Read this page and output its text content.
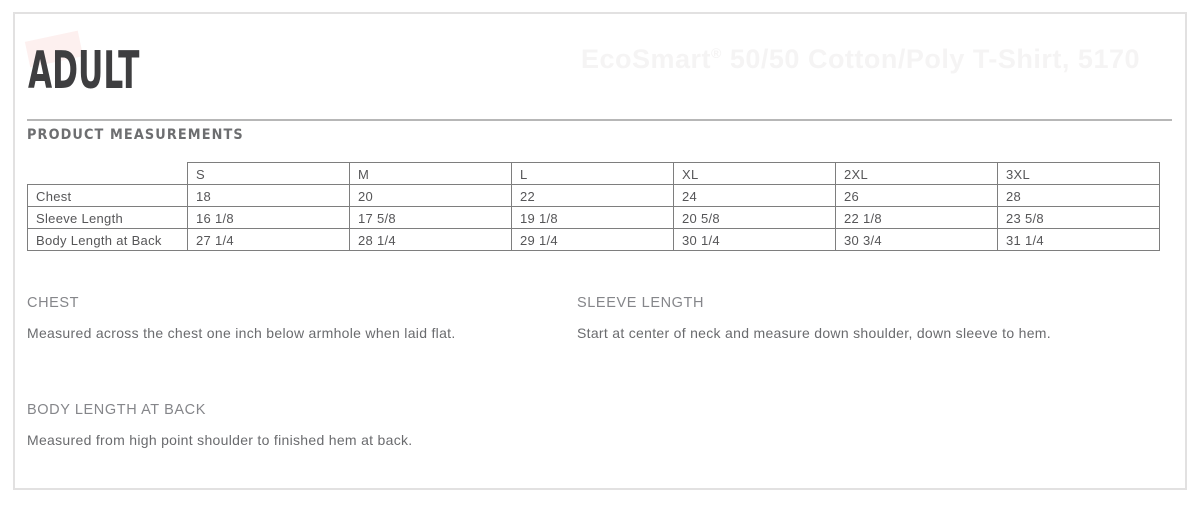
ADULT	EcoSmart® 50/50 Cotton/Poly T-Shirt, 5170
PRODUCT MEASUREMENTS
	S	M	L	XL	2XL	3XL
Chest	18	20	22	24	26	28
Sleeve Length	16 1/8	17 5/8	19 1/8	20 5/8	22 1/8	23 5/8
Body Length at Back	27 1/4	28 1/4	29 1/4	30 1/4	30 3/4	31 1/4
CHEST

Measured across the chest one inch below armhole when laid flat.

SLEEVE LENGTH

Start at center of neck and measure down shoulder, down sleeve to hem.

BODY LENGTH AT BACK

Measured from high point shoulder to finished hem at back.
